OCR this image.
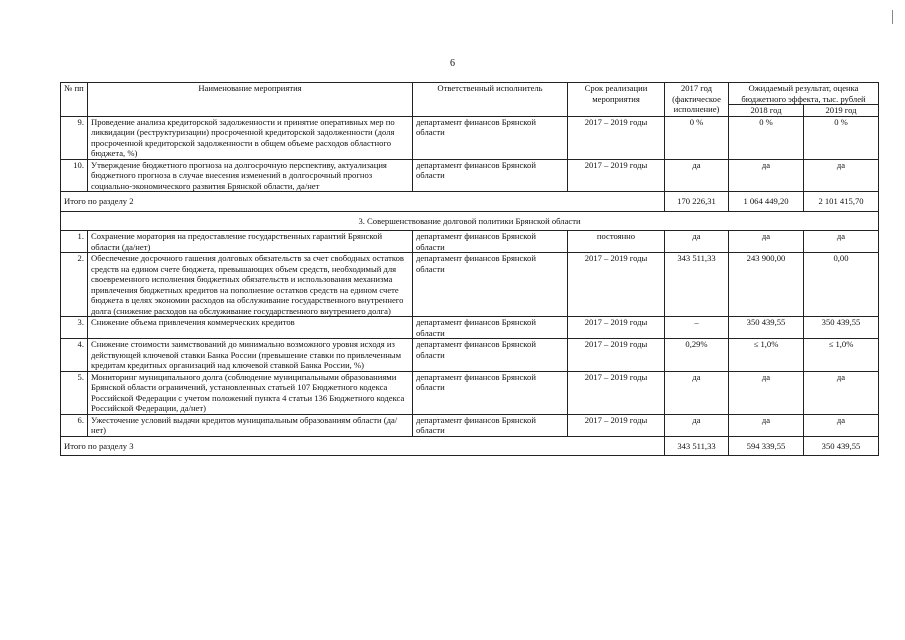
6
№ пп	Наименование мероприятия	Ответственный исполнитель	Срок реализации мероприятия	2017 год (фактическое исполнение)	Ожидаемый результат, оценка бюджетного эффекта, тыс. рублей	
					2018 год	2019 год
9.	Проведение анализа кредиторской задолженности и принятие оперативных мер по ликвидации (реструктуризации) просроченной кредиторской задолженности (доля просроченной кредиторской задолженности в общем объеме расходов областного бюджета, %)	департамент финансов Брянской области	2017 – 2019 годы	0 %	0 %	0 %
10.	Утверждение бюджетного прогноза на долгосрочную перспективу, актуализация бюджетного прогноза в случае внесения изменений в долгосрочный прогноз социально-экономического развития Брянской области, да/нет	департамент финансов Брянской области	2017 – 2019 годы	да	да	да
Итого по разделу 2				170 226,31	1 064 449,20	2 101 415,70
3. Совершенствование долговой политики Брянской области						
1.	Сохранение моратория на предоставление государственных гарантий Брянской области (да/нет)	департамент финансов Брянской области	постоянно	да	да	да
2.	Обеспечение досрочного гашения долговых обязательств за счет свободных остатков средств на едином счете бюджета, превышающих объем средств, необходимый для своевременного исполнения бюджетных обязательств и использования механизма привлечения бюджетных кредитов на пополнение остатков средств на едином счете бюджета в целях экономии расходов на обслуживание государственного внутреннего долга (снижение расходов на обслуживание государственного внутреннего долга)	департамент финансов Брянской области	2017 – 2019 годы	343 511,33	243 900,00	0,00
3.	Снижение объема привлечения коммерческих кредитов	департамент финансов Брянской области	2017 – 2019 годы	–	350 439,55	350 439,55
4.	Снижение стоимости заимствований до минимально возможного уровня исходя из действующей ключевой ставки Банка России (превышение ставки по привлеченным кредитам кредитных организаций над ключевой ставкой Банка России, %)	департамент финансов Брянской области	2017 – 2019 годы	0,29%	≤ 1,0%	≤ 1,0%
5.	Мониторинг муниципального долга (соблюдение муниципальными образованиями Брянской области ограничений, установленных статьей 107 Бюджетного кодекса Российской Федерации с учетом положений пункта 4 статьи 136 Бюджетного кодекса Российской Федерации, да/нет)	департамент финансов Брянской области	2017 – 2019 годы	да	да	да
6.	Ужесточение условий выдачи кредитов муниципальным образованиям области (да/нет)	департамент финансов Брянской области	2017 – 2019 годы	да	да	да
Итого по разделу 3				343 511,33	594 339,55	350 439,55
